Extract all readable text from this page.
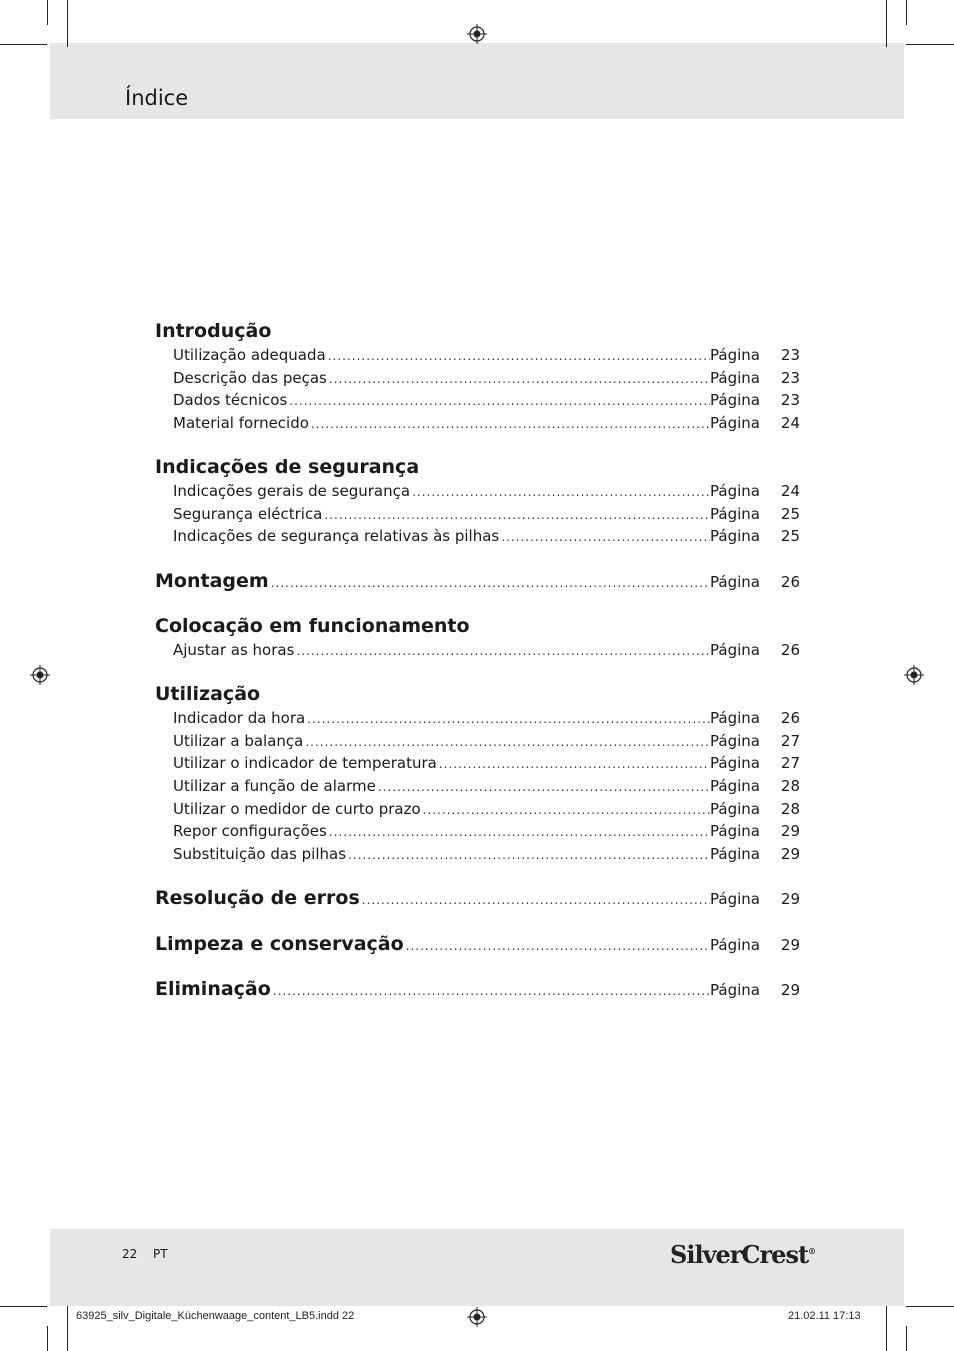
Índice
Introdução
Utilização adequada .....	Página	23
Descrição das peças .....	Página	23
Dados técnicos .....	Página	23
Material fornecido .....	Página	24
Indicações de segurança
Indicações gerais de segurança .....	Página	24
Segurança eléctrica .....	Página	25
Indicações de segurança relativas às pilhas .....	Página	25
Montagem .....	Página	26
Colocação em funcionamento
Ajustar as horas .....	Página	26
Utilização
Indicador da hora .....	Página	26
Utilizar a balança .....	Página	27
Utilizar o indicador de temperatura .....	Página	27
Utilizar a função de alarme .....	Página	28
Utilizar o medidor de curto prazo .....	Página	28
Repor configurações .....	Página	29
Substituição das pilhas .....	Página	29
Resolução de erros .....	Página	29
Limpeza e conservação .....	Página	29
Eliminação .....	Página	29
22 PT	SilverCrest®
63925_silv_Digitale_Küchenwaage_content_LB5.indd 22	21.02.11 17:13
